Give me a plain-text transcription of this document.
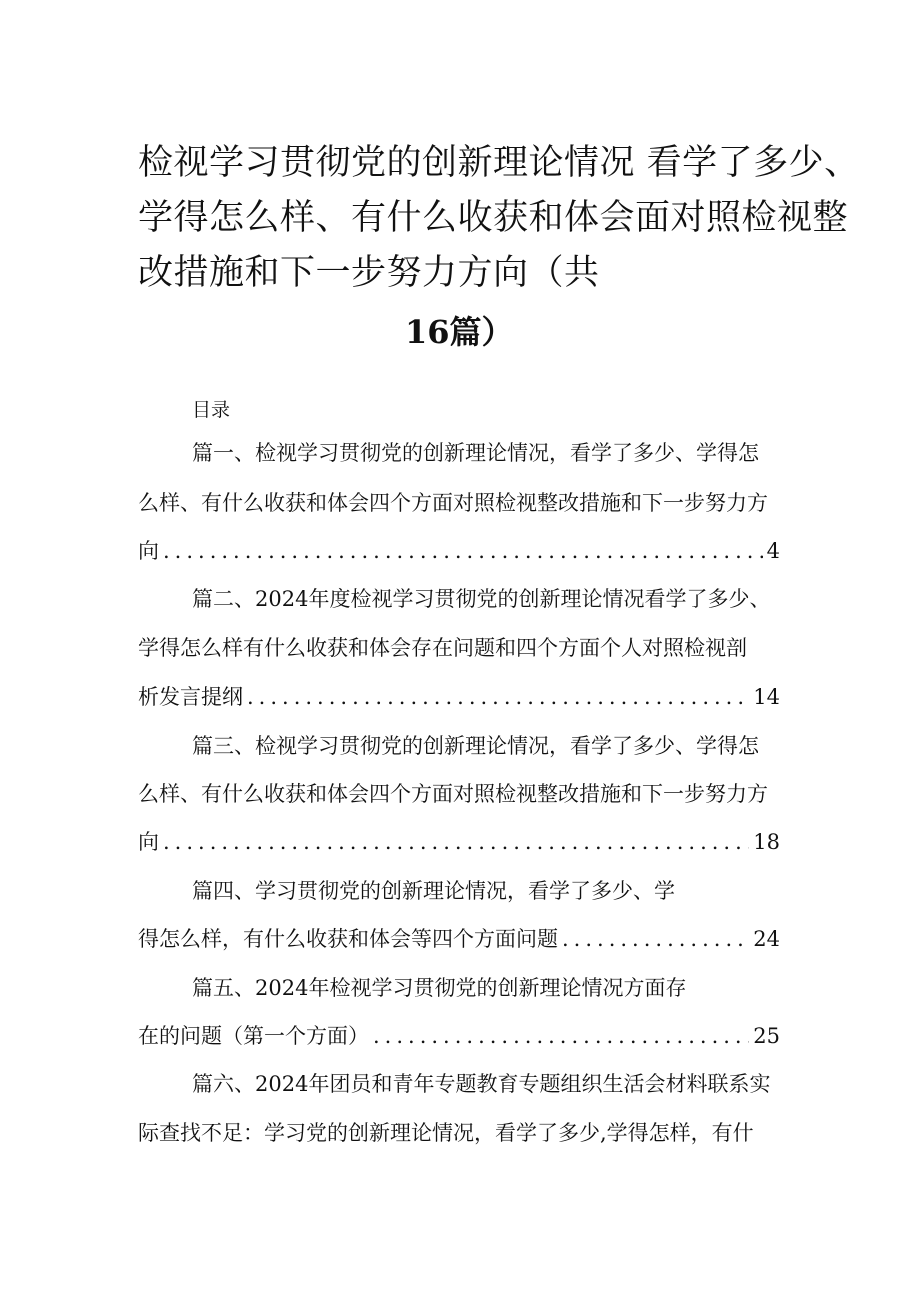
检视学习贯彻党的创新理论情况 看学了多少、
学得怎么样、有什么收获和体会面对照检视整
改措施和下一步努力方向（共
16篇）
目录
篇一、检视学习贯彻党的创新理论情况，看学了多少、学得怎
么样、有什么收获和体会四个方面对照检视整改措施和下一步努力方
向 .....	4
篇二、2024年度检视学习贯彻党的创新理论情况看学了多少、
学得怎么样有什么收获和体会存在问题和四个方面个人对照检视剖
析发言提纲 .....	14
篇三、检视学习贯彻党的创新理论情况，看学了多少、学得怎
么样、有什么收获和体会四个方面对照检视整改措施和下一步努力方
向 .....	18
篇四、学习贯彻党的创新理论情况，看学了多少、学
得怎么样，有什么收获和体会等四个方面问题 .....	24
篇五、2024年检视学习贯彻党的创新理论情况方面存
在的问题（第一个方面） .....	25
篇六、2024年团员和青年专题教育专题组织生活会材料联系实
际查找不足：学习党的创新理论情况，看学了多少,学得怎样，有什
